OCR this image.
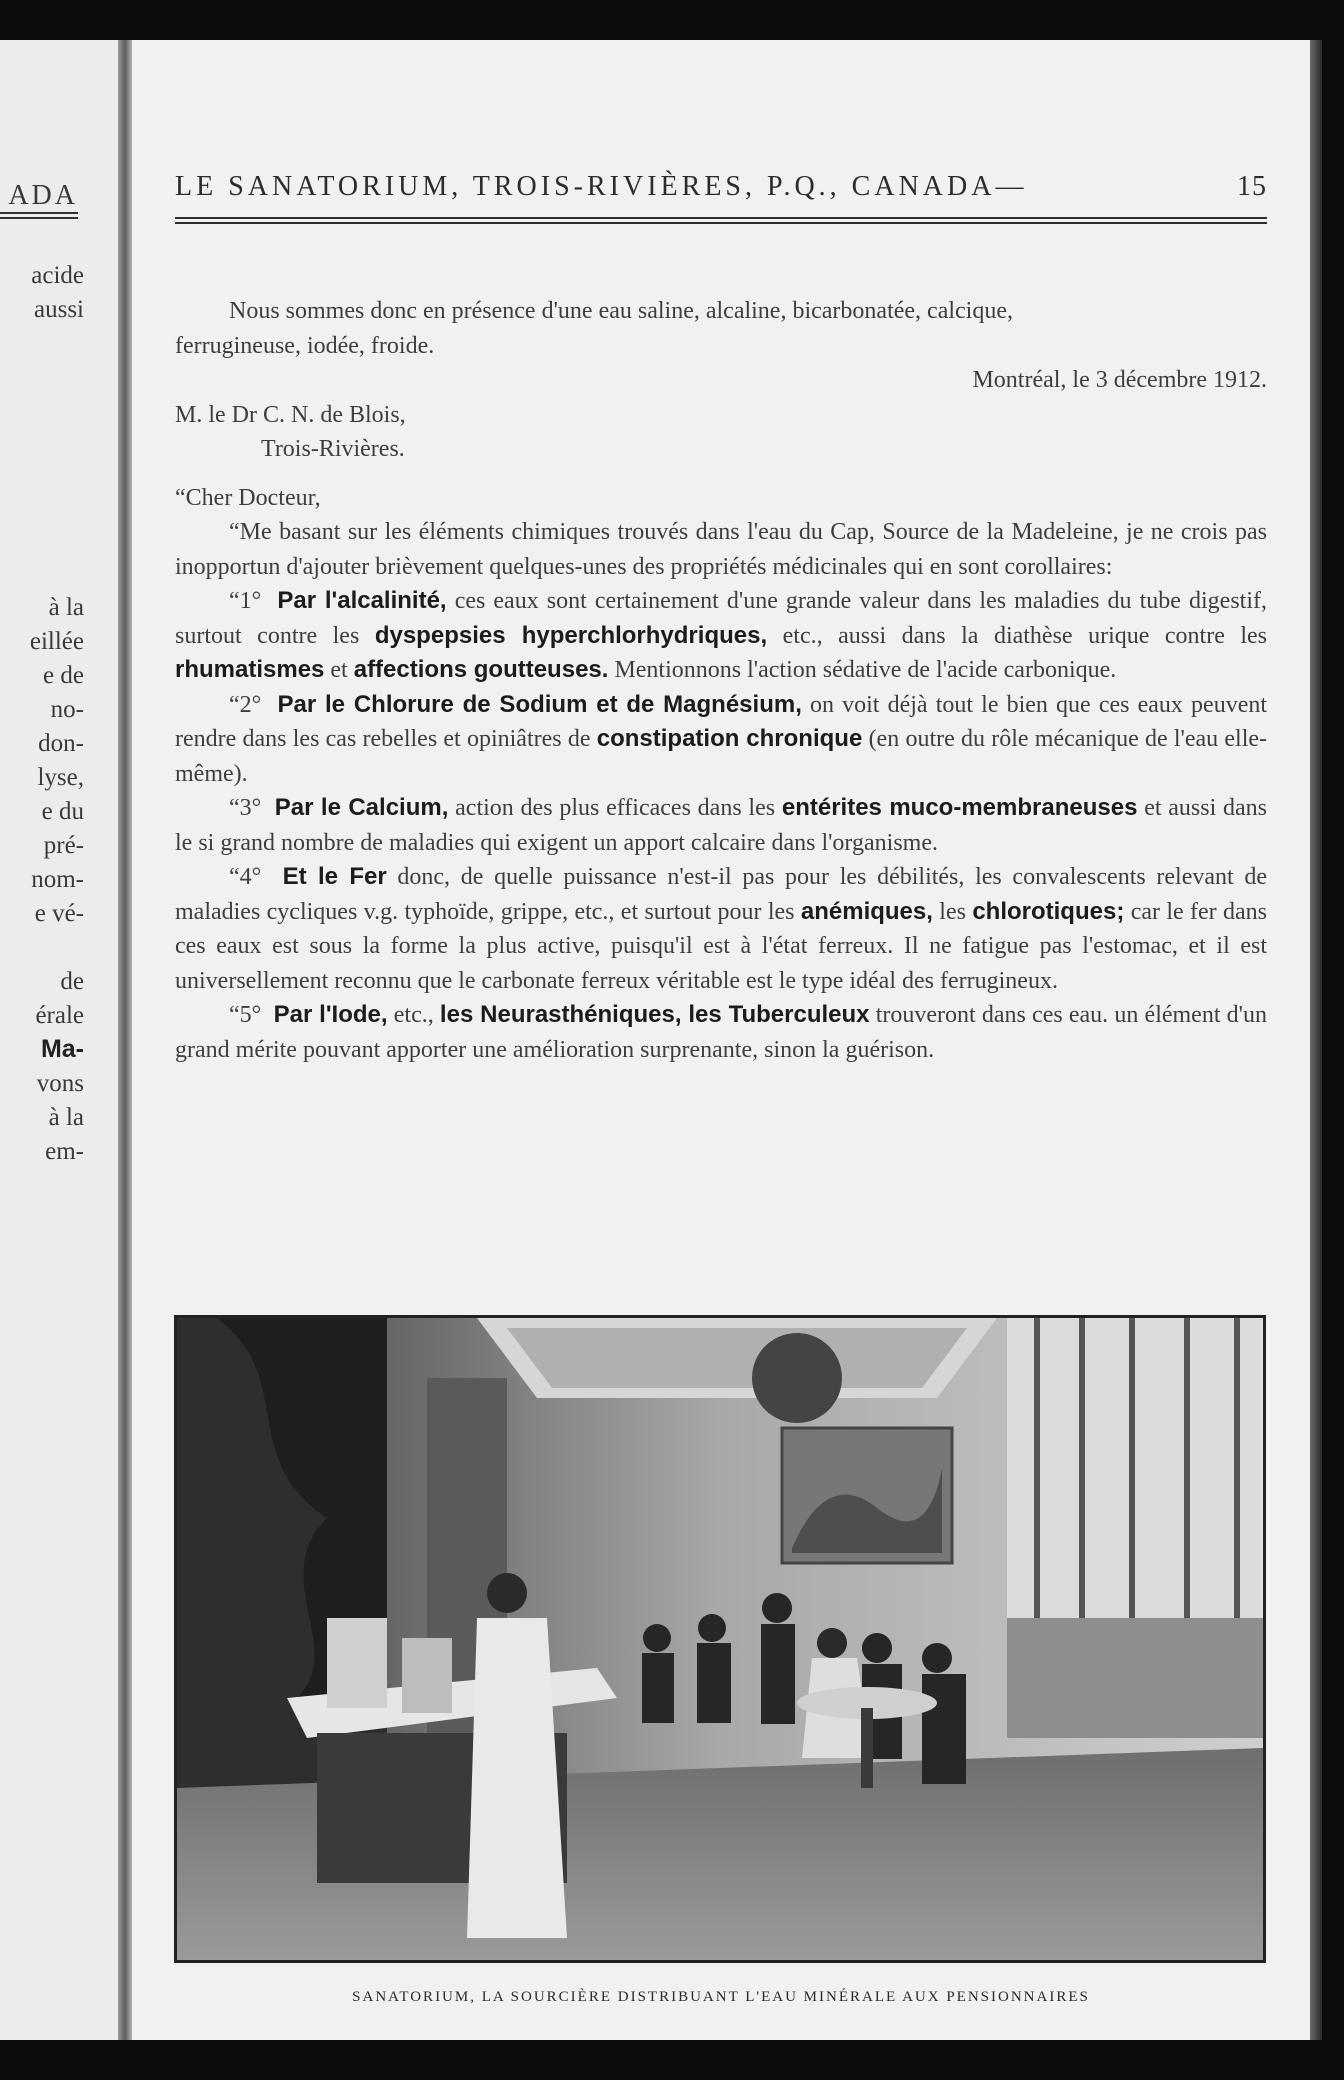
ADA
acide
aussi
à la
eillée
e de
no-
don-
lyse,
e du
pré-
nom-
e vé-
de
érale
Ma-
vons
à la
em-
LE SANATORIUM, TROIS-RIVIÈRES, P.Q., CANADA—	15

Nous sommes donc en présence d'une eau saline, alcaline, bicarbonatée, calcique,
ferrugineuse, iodée, froide.

Montréal, le 3 décembre 1912.

M. le Dr C. N. de Blois,

Trois-Rivières.

“Cher Docteur,

“Me basant sur les éléments chimiques trouvés dans l'eau du Cap, Source de la Madeleine, je ne crois pas inopportun d'ajouter brièvement quelques-unes des propriétés médicinales qui en sont corollaires:

“1° Par l'alcalinité, ces eaux sont certainement d'une grande valeur dans les maladies du tube digestif, surtout contre les dyspepsies hyperchlorhydriques, etc., aussi dans la diathèse urique contre les rhumatismes et affections goutteuses. Mentionnons l'action sédative de l'acide carbonique.

“2° Par le Chlorure de Sodium et de Magnésium, on voit déjà tout le bien que ces eaux peuvent rendre dans les cas rebelles et opiniâtres de constipation chronique (en outre du rôle mécanique de l'eau elle-même).

“3° Par le Calcium, action des plus efficaces dans les entérites muco-membraneuses et aussi dans le si grand nombre de maladies qui exigent un apport calcaire dans l'organisme.

“4° Et le Fer donc, de quelle puissance n'est-il pas pour les débilités, les convalescents relevant de maladies cycliques v.g. typhoïde, grippe, etc., et surtout pour les anémiques, les chlorotiques; car le fer dans ces eaux est sous la forme la plus active, puisqu'il est à l'état ferreux. Il ne fatigue pas l'estomac, et il est universellement reconnu que le carbonate ferreux véritable est le type idéal des ferrugineux.

“5° Par l'Iode, etc., les Neurasthéniques, les Tuberculeux trouveront dans ces eau. un élément d'un grand mérite pouvant apporter une amélioration surprenante, sinon la guérison.

SANATORIUM, LA SOURCIÈRE DISTRIBUANT L'EAU MINÉRALE AUX PENSIONNAIRES
